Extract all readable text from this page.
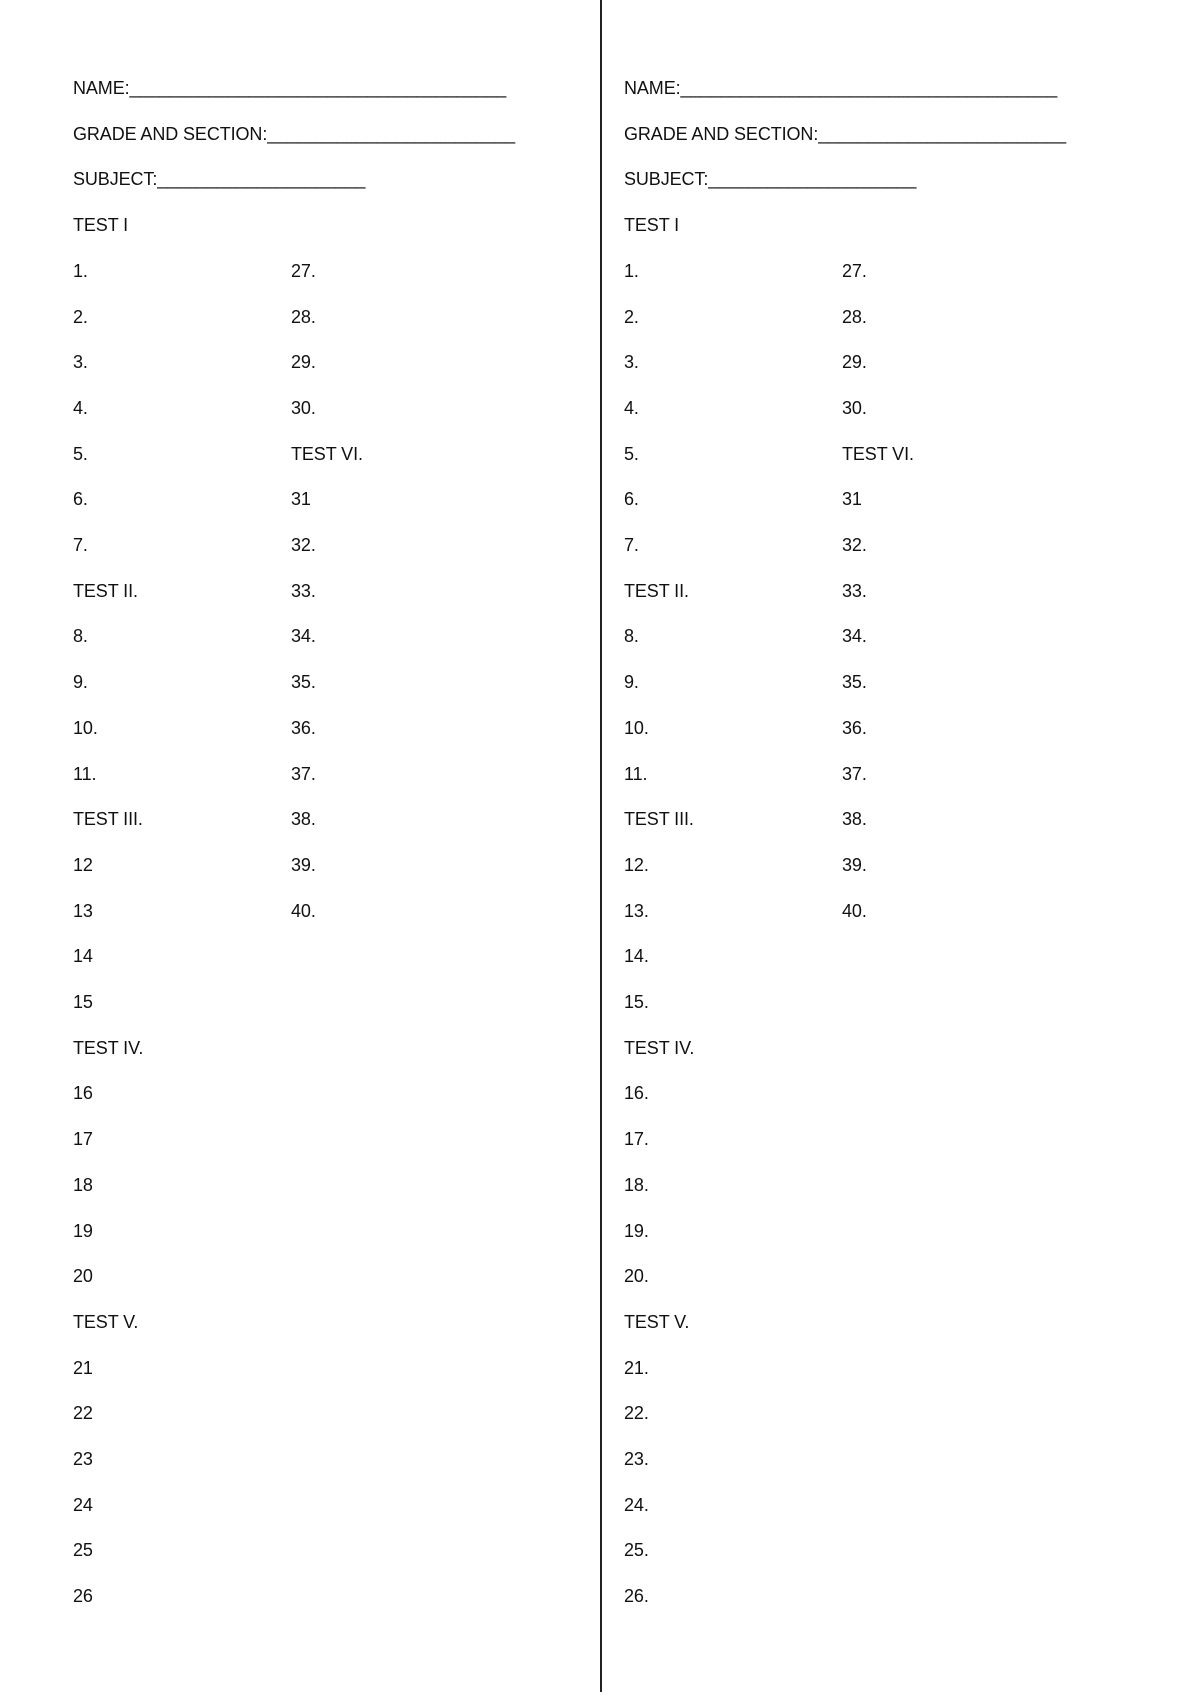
NAME:______________________________________
GRADE AND SECTION:_________________________
SUBJECT:_____________________
TEST I
1.
2.
3.
4.
5.
6.
7.
TEST II.
8.
9.
10.
11.
TEST III.
12
13
14
15
TEST IV.
16
17
18
19
20
TEST V.
21
22
23
24
25
26
27.
28.
29.
30.
TEST VI.
31
32.
33.
34.
35.
36.
37.
38.
39.
40.
NAME:______________________________________
GRADE AND SECTION:_________________________
SUBJECT:_____________________
TEST I
1.
2.
3.
4.
5.
6.
7.
TEST II.
8.
9.
10.
11.
TEST III.
12.
13.
14.
15.
TEST IV.
16.
17.
18.
19.
20.
TEST V.
21.
22.
23.
24.
25.
26.
27.
28.
29.
30.
TEST VI.
31
32.
33.
34.
35.
36.
37.
38.
39.
40.
